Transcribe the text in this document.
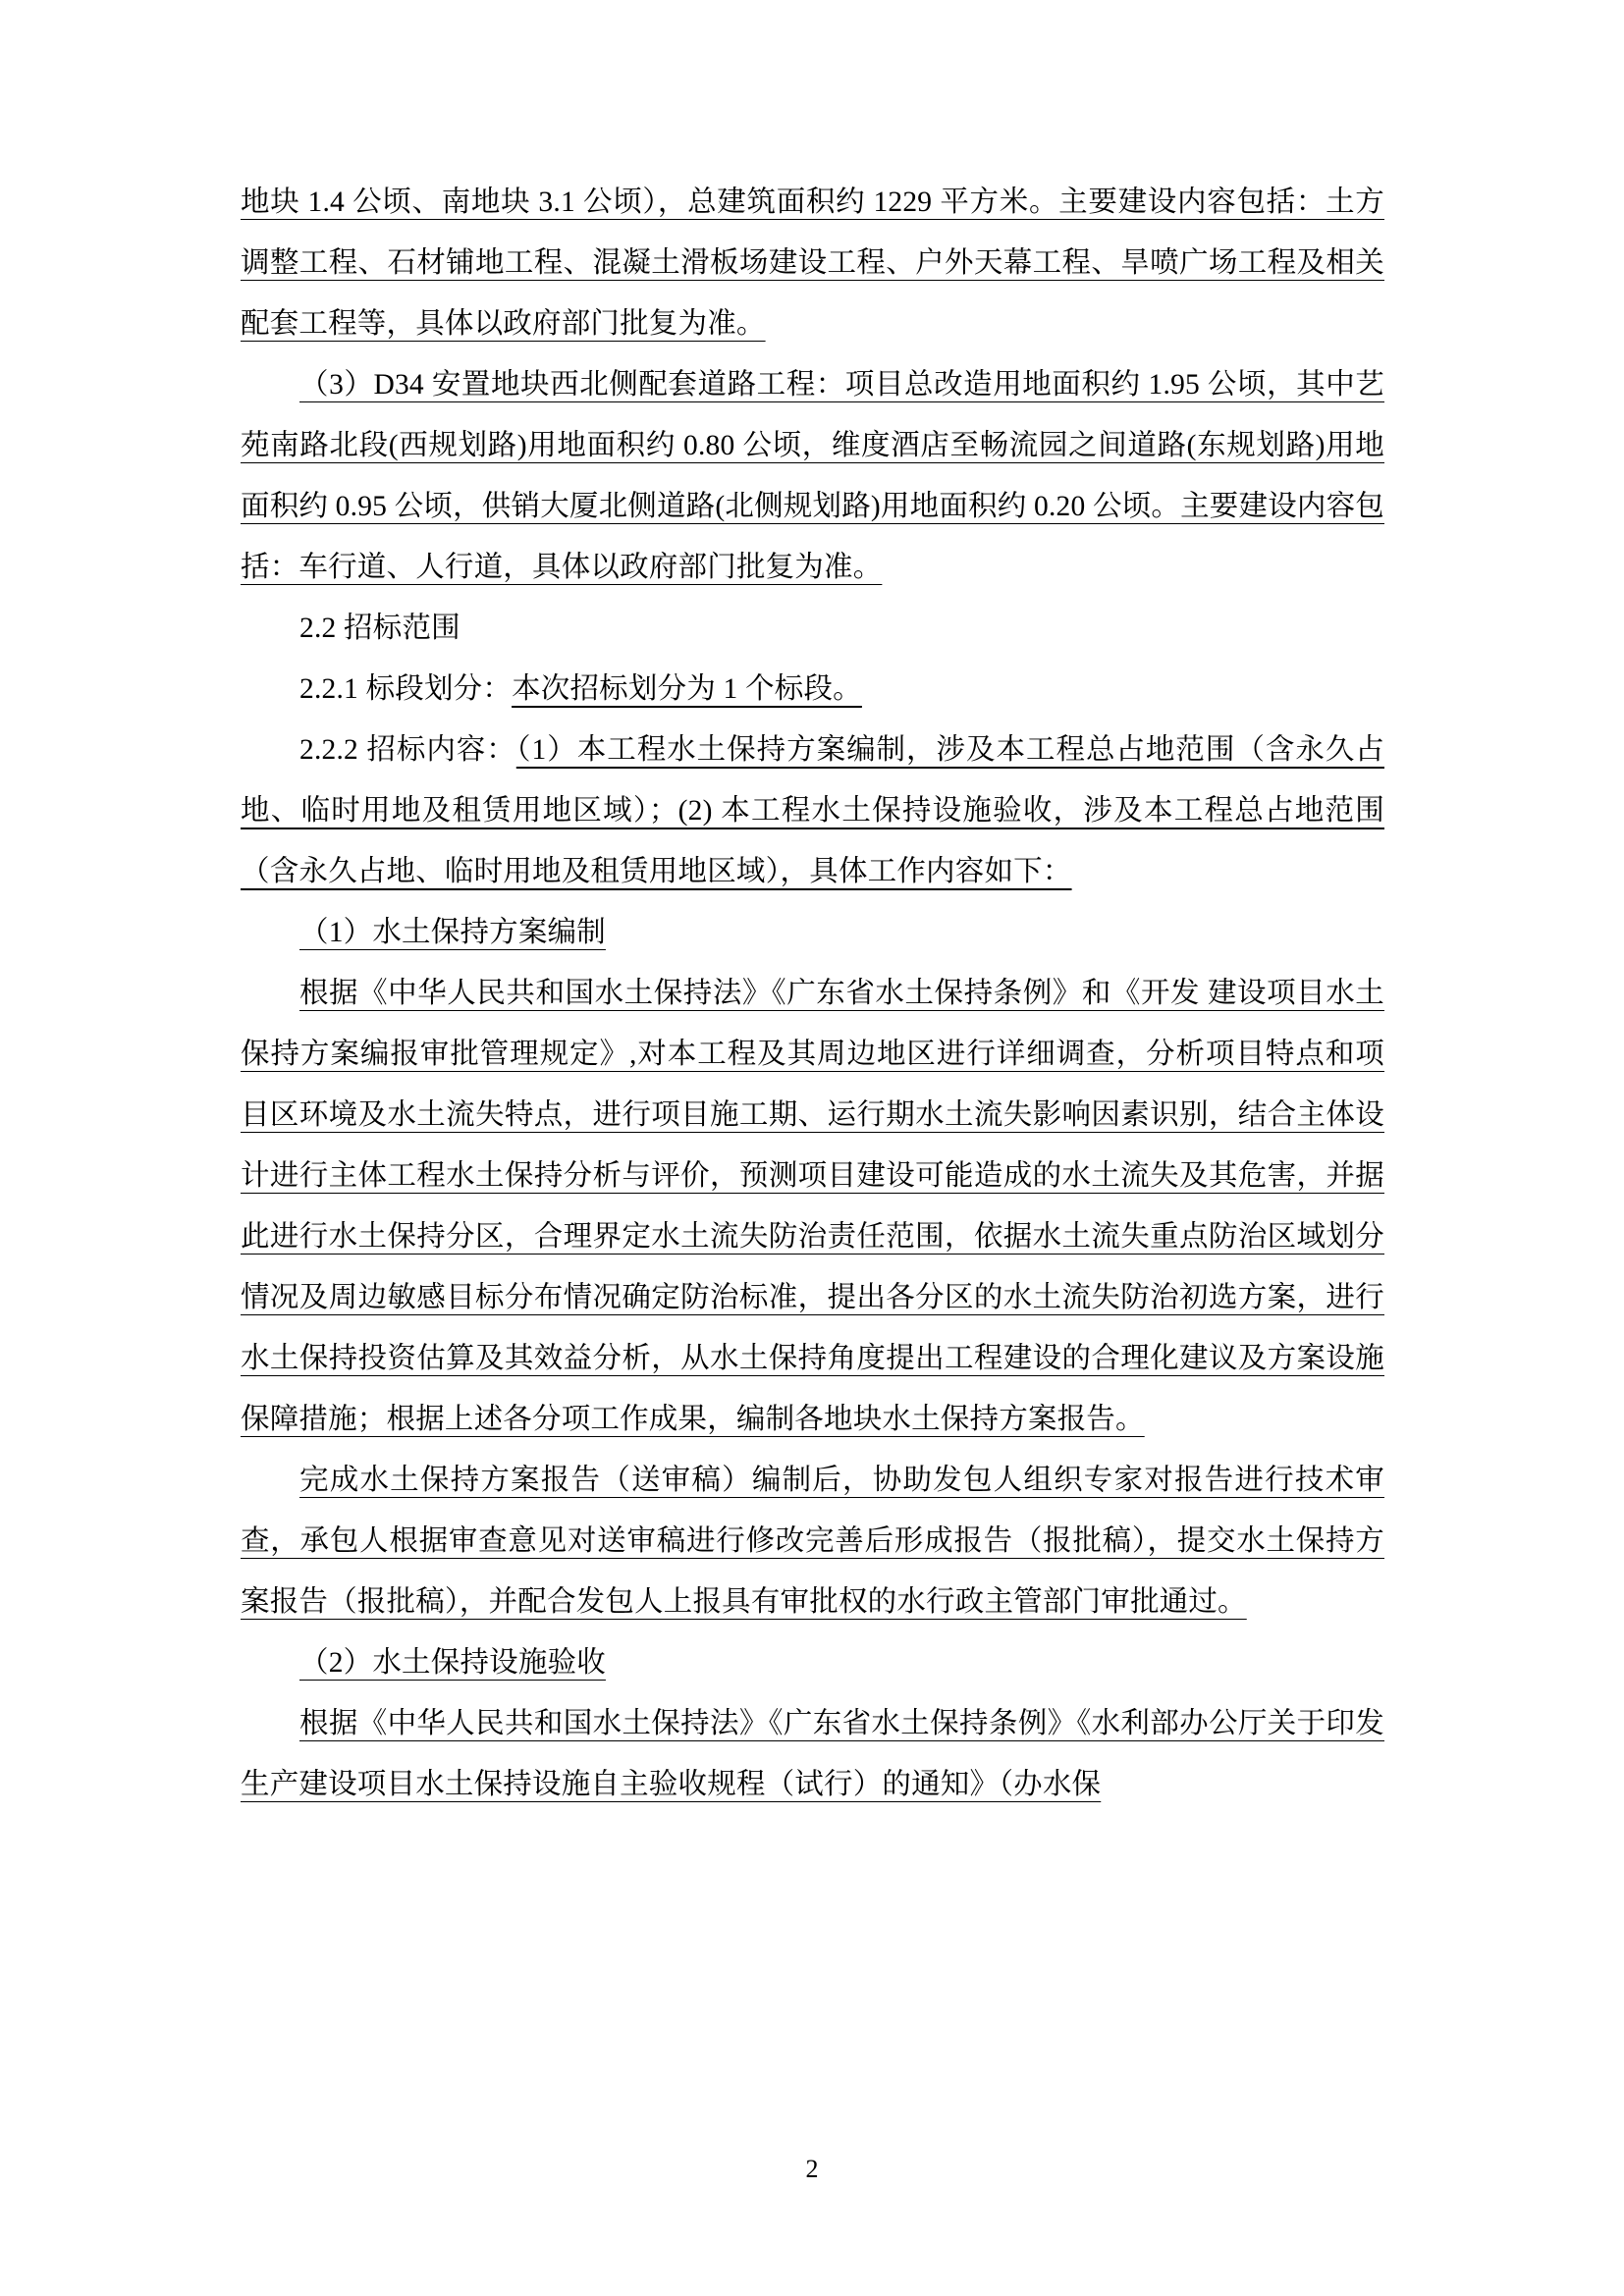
地块 1.4 公顷、南地块 3.1 公顷），总建筑面积约 1229 平方米。主要建设内容包括：土方调整工程、石材铺地工程、混凝土滑板场建设工程、户外天幕工程、旱喷广场工程及相关配套工程等，具体以政府部门批复为准。

（3）D34 安置地块西北侧配套道路工程：项目总改造用地面积约 1.95 公顷，其中艺苑南路北段(西规划路)用地面积约 0.80 公顷，维度酒店至畅流园之间道路(东规划路)用地面积约 0.95 公顷，供销大厦北侧道路(北侧规划路)用地面积约 0.20 公顷。主要建设内容包括：车行道、人行道，具体以政府部门批复为准。

2.2 招标范围

2.2.1 标段划分：本次招标划分为 1 个标段。

2.2.2 招标内容：（1）本工程水土保持方案编制，涉及本工程总占地范围（含永久占地、临时用地及租赁用地区域）；(2) 本工程水土保持设施验收，涉及本工程总占地范围（含永久占地、临时用地及租赁用地区域），具体工作内容如下：

（1）水土保持方案编制

根据《中华人民共和国水土保持法》《广东省水土保持条例》和《开发 建设项目水土保持方案编报审批管理规定》,对本工程及其周边地区进行详细调查，分析项目特点和项目区环境及水土流失特点，进行项目施工期、运行期水土流失影响因素识别，结合主体设计进行主体工程水土保持分析与评价，预测项目建设可能造成的水土流失及其危害，并据此进行水土保持分区，合理界定水土流失防治责任范围，依据水土流失重点防治区域划分情况及周边敏感目标分布情况确定防治标准，提出各分区的水土流失防治初选方案，进行水土保持投资估算及其效益分析，从水土保持角度提出工程建设的合理化建议及方案设施保障措施；根据上述各分项工作成果，编制各地块水土保持方案报告。

完成水土保持方案报告（送审稿）编制后，协助发包人组织专家对报告进行技术审查，承包人根据审查意见对送审稿进行修改完善后形成报告（报批稿），提交水土保持方案报告（报批稿），并配合发包人上报具有审批权的水行政主管部门审批通过。

（2）水土保持设施验收

根据《中华人民共和国水土保持法》《广东省水土保持条例》《水利部办公厅关于印发生产建设项目水土保持设施自主验收规程（试行）的通知》（办水保

2
